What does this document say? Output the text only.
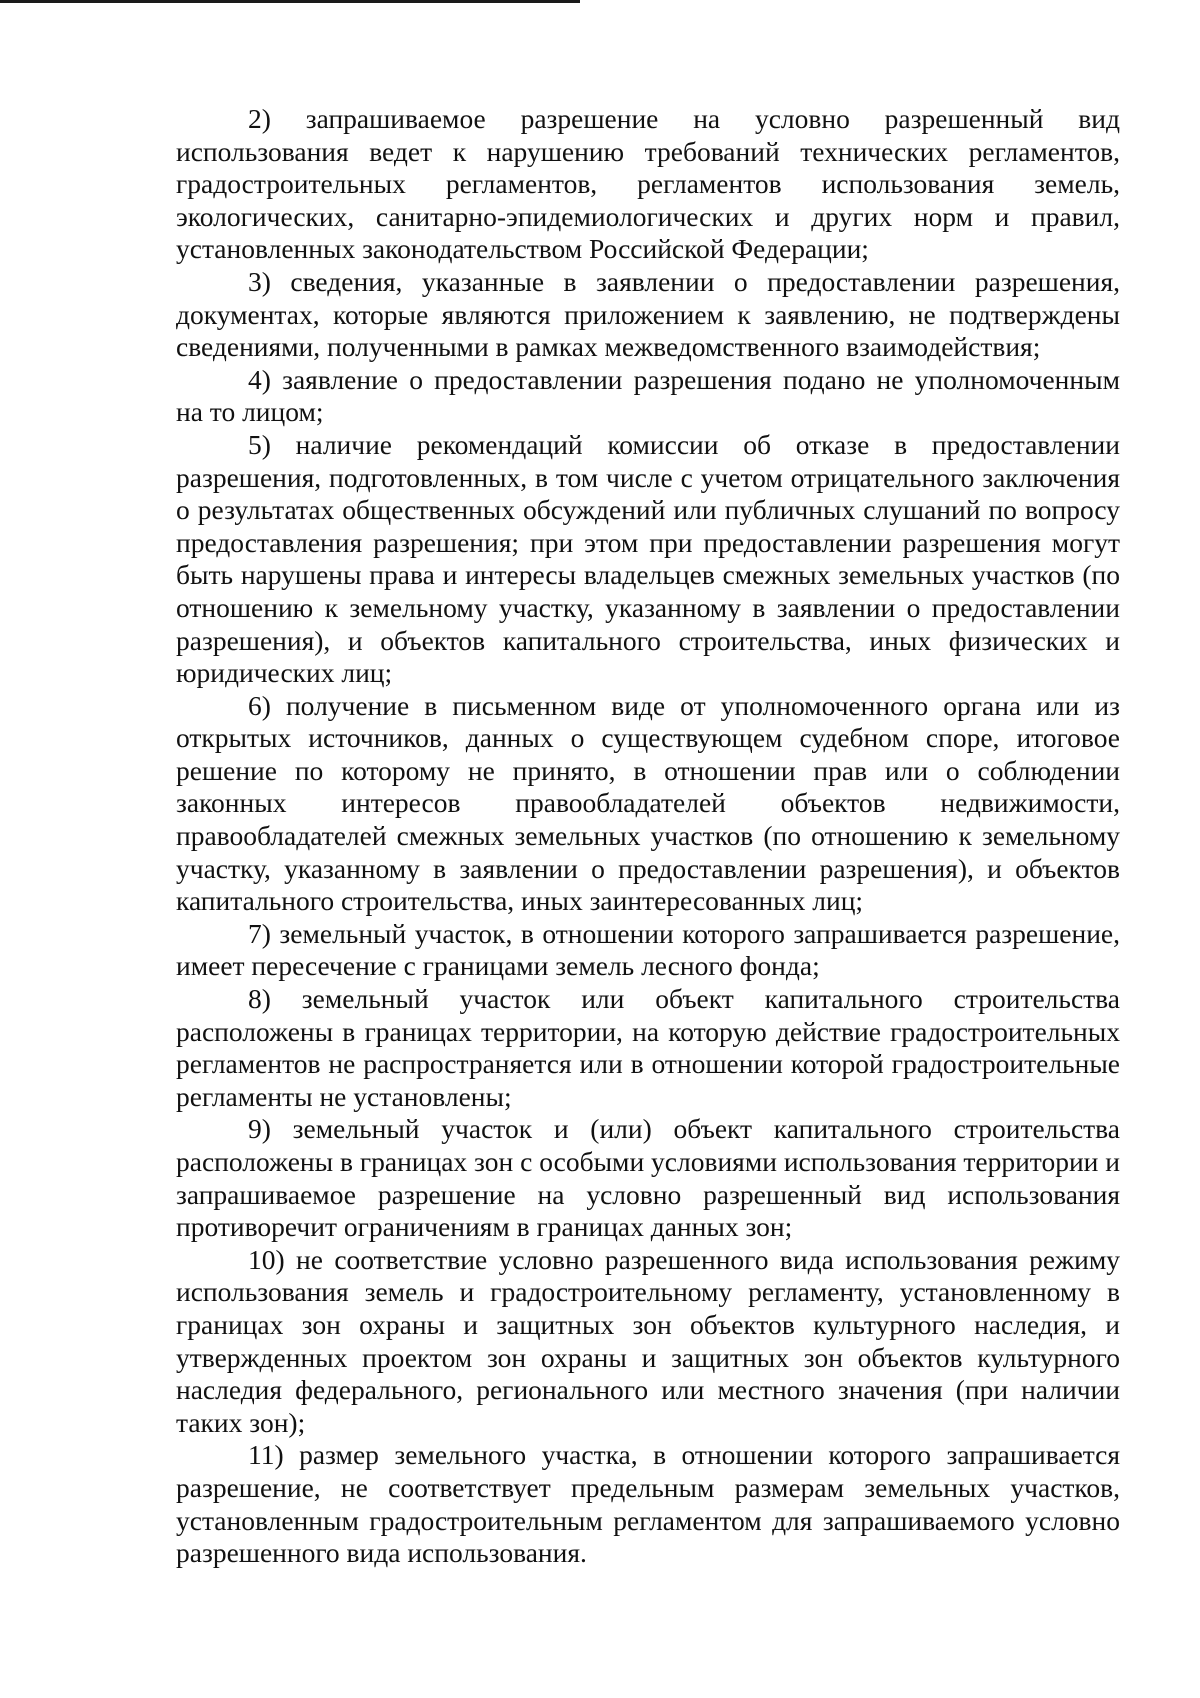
2) запрашиваемое разрешение на условно разрешенный вид использования ведет к нарушению требований технических регламентов, градостроительных регламентов, регламентов использования земель, экологических, санитарно-эпидемиологических и других норм и правил, установленных законодательством Российской Федерации;

3) сведения, указанные в заявлении о предоставлении разрешения, документах, которые являются приложением к заявлению, не подтверждены сведениями, полученными в рамках межведомственного взаимодействия;

4) заявление о предоставлении разрешения подано не уполномоченным на то лицом;

5) наличие рекомендаций комиссии об отказе в предоставлении разрешения, подготовленных, в том числе с учетом отрицательного заключения о результатах общественных обсуждений или публичных слушаний по вопросу предоставления разрешения; при этом при предоставлении разрешения могут быть нарушены права и интересы владельцев смежных земельных участков (по отношению к земельному участку, указанному в заявлении о предоставлении разрешения), и объектов капитального строительства, иных физических и юридических лиц;

6) получение в письменном виде от уполномоченного органа или из открытых источников, данных о существующем судебном споре, итоговое решение по которому не принято, в отношении прав или о соблюдении законных интересов правообладателей объектов недвижимости, правообладателей смежных земельных участков (по отношению к земельному участку, указанному в заявлении о предоставлении разрешения), и объектов капитального строительства, иных заинтересованных лиц;

7) земельный участок, в отношении которого запрашивается разрешение, имеет пересечение с границами земель лесного фонда;

8) земельный участок или объект капитального строительства расположены в границах территории, на которую действие градостроительных регламентов не распространяется или в отношении которой градостроительные регламенты не установлены;

9) земельный участок и (или) объект капитального строительства расположены в границах зон с особыми условиями использования территории и запрашиваемое разрешение на условно разрешенный вид использования противоречит ограничениям в границах данных зон;

10) не соответствие условно разрешенного вида использования режиму использования земель и градостроительному регламенту, установленному в границах зон охраны и защитных зон объектов культурного наследия, и утвержденных проектом зон охраны и защитных зон объектов культурного наследия федерального, регионального или местного значения (при наличии таких зон);

11) размер земельного участка, в отношении которого запрашивается разрешение, не соответствует предельным размерам земельных участков, установленным градостроительным регламентом для запрашиваемого условно разрешенного вида использования.
